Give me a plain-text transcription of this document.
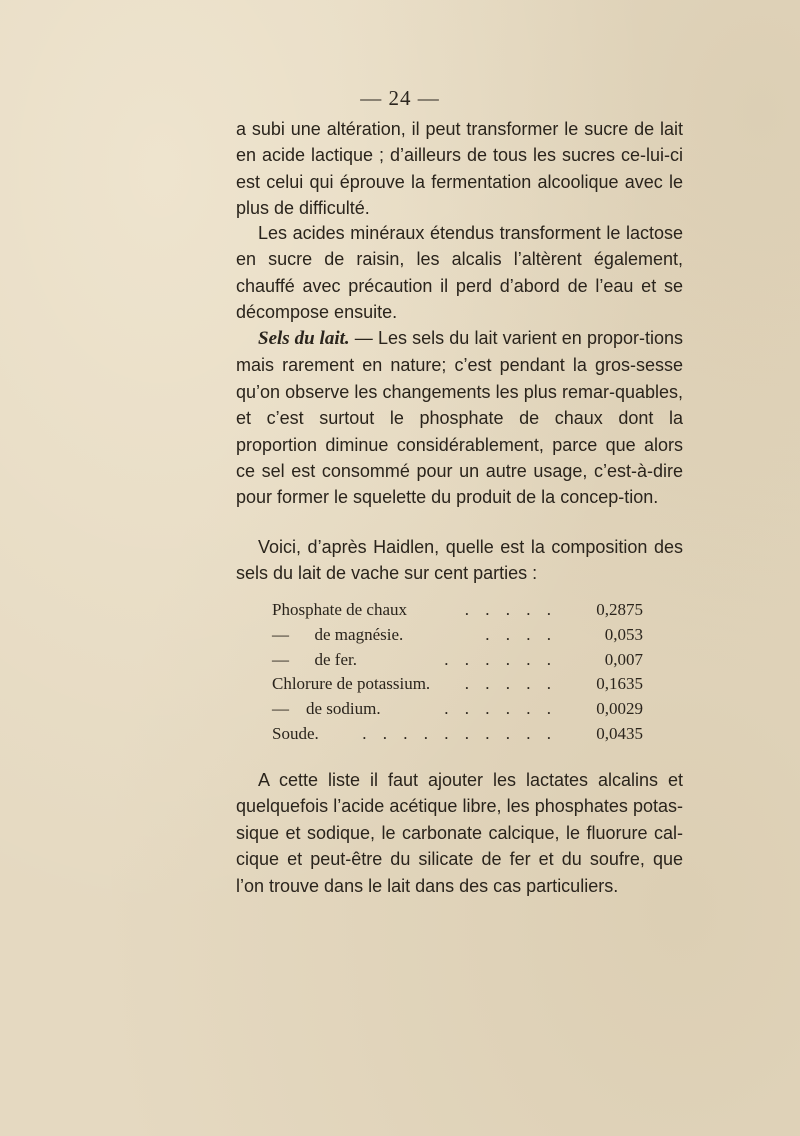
— 24 —

a subi une altération, il peut transformer le sucre de lait en acide lactique ; d’ailleurs de tous les sucres ce-lui-ci est celui qui éprouve la fermentation alcoolique avec le plus de difficulté.

Les acides minéraux étendus transforment le lactose en sucre de raisin, les alcalis l’altèrent également, chauffé avec précaution il perd d’abord de l’eau et se décompose ensuite.

Sels du lait. — Les sels du lait varient en propor-tions mais rarement en nature; c’est pendant la gros-sesse qu’on observe les changements les plus remar-quables, et c’est surtout le phosphate de chaux dont la proportion diminue considérablement, parce que alors ce sel est consommé pour un autre usage, c’est-à-dire pour former le squelette du produit de la concep-tion.

Voici, d’après Haidlen, quelle est la composition des sels du lait de vache sur cent parties :

Phosphate de chaux	. . . . . 0,2875
—      de magnésie.	. . . .	0,053
—      de fer.	. . . . . .	0,007
Chlorure de potassium. . . . . . 0,1635
—    de sodium.	. . . . . . 0,0029
Soude.	. . . . . . . . . . 0,0435

A cette liste il faut ajouter les lactates alcalins et quelquefois l’acide acétique libre, les phosphates potas-sique et sodique, le carbonate calcique, le fluorure cal-cique et peut-être du silicate de fer et du soufre, que l’on trouve dans le lait dans des cas particuliers.
